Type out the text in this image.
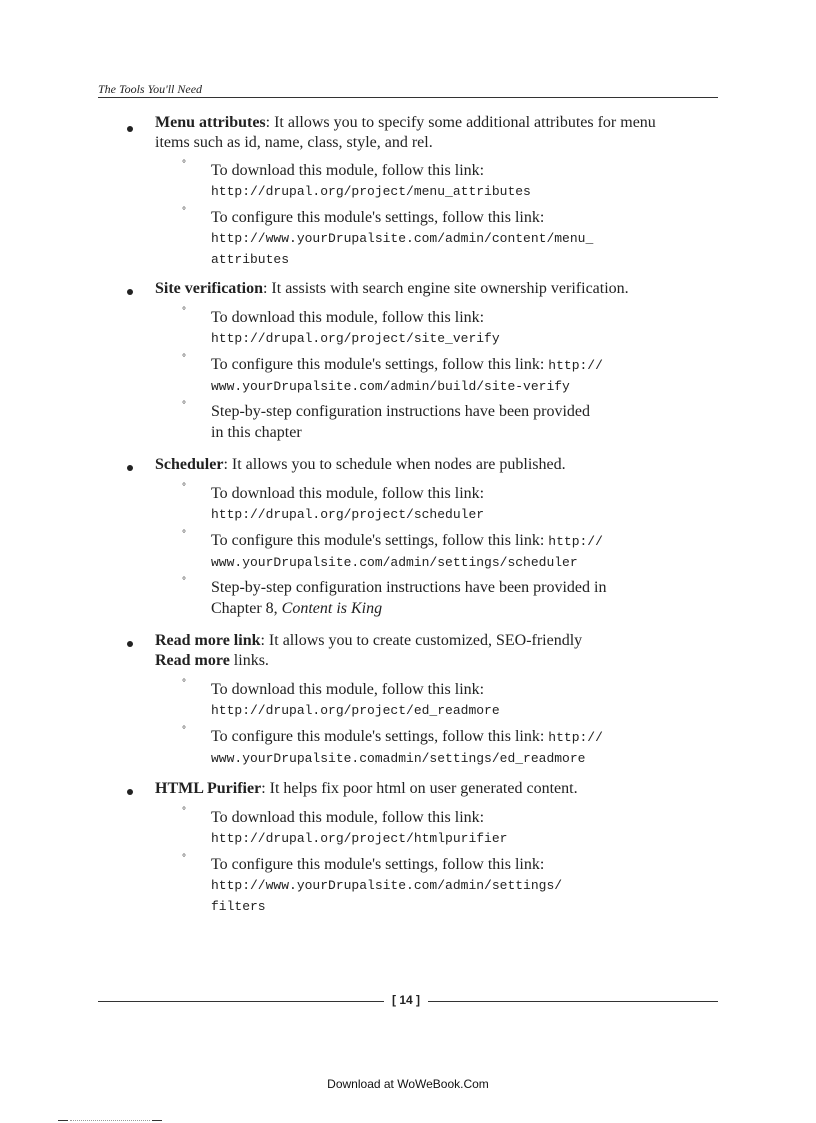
The Tools You'll Need
Menu attributes: It allows you to specify some additional attributes for menu
items such as id, name, class, style, and rel.
° To download this module, follow this link:
http://drupal.org/project/menu_attributes
° To configure this module's settings, follow this link:
http://www.yourDrupalsite.com/admin/content/menu_
attributes
Site verification: It assists with search engine site ownership verification.
° To download this module, follow this link:
http://drupal.org/project/site_verify
° To configure this module's settings, follow this link: http://
www.yourDrupalsite.com/admin/build/site-verify
° Step-by-step configuration instructions have been provided
in this chapter
Scheduler: It allows you to schedule when nodes are published.
° To download this module, follow this link:
http://drupal.org/project/scheduler
° To configure this module's settings, follow this link: http://
www.yourDrupalsite.com/admin/settings/scheduler
° Step-by-step configuration instructions have been provided in
Chapter 8, Content is King
Read more link: It allows you to create customized, SEO-friendly
Read more links.
° To download this module, follow this link:
http://drupal.org/project/ed_readmore
° To configure this module's settings, follow this link: http://
www.yourDrupalsite.comadmin/settings/ed_readmore
HTML Purifier: It helps fix poor html on user generated content.
° To download this module, follow this link:
http://drupal.org/project/htmlpurifier
° To configure this module's settings, follow this link:
http://www.yourDrupalsite.com/admin/settings/
filters
[ 14 ]
Download at WoWeBook.Com
